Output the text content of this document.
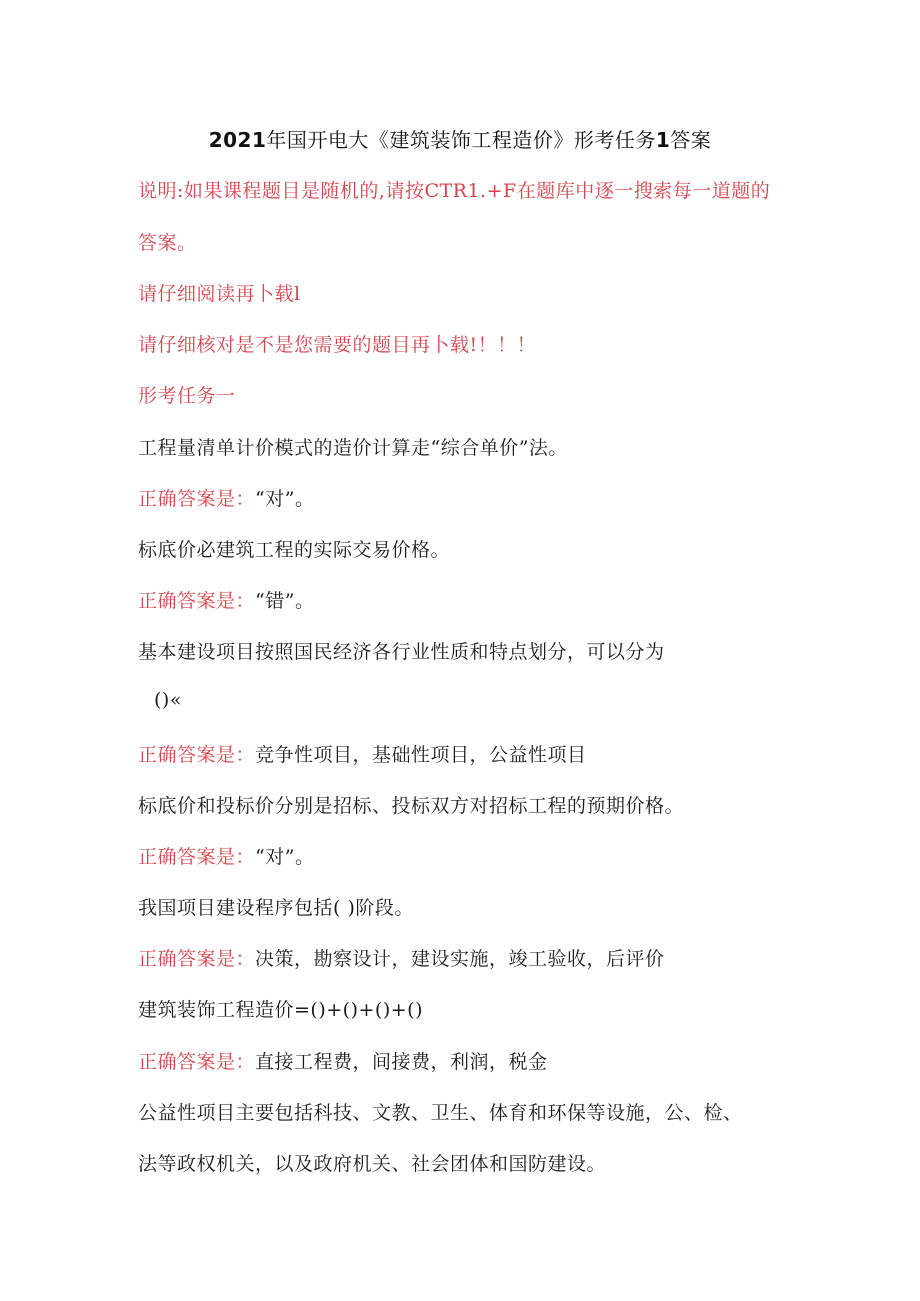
2021年国开电大《建筑装饰工程造价》形考任务1答案
说明:如果课程题目是随机的,请按CTR1.+F在题库中逐一搜索每一道题的
答案。
请仔细阅读再卜载l
请仔细核对是不是您需要的题目再卜载!！！！
形考任务一
工程量清单计价模式的造价计算走“综合单价”法。
正确答案是：“对”。
标底价必建筑工程的实际交易价格。
正确答案是：“错”。
基本建设项目按照国民经济各行业性质和特点划分，可以分为
()«
正确答案是：竞争性项目，基础性项目，公益性项目
标底价和投标价分别是招标、投标双方对招标工程的预期价格。
正确答案是：“对”。
我国项目建设程序包括( )阶段。
正确答案是：决策，勘察设计，建设实施，竣工验收，后评价
建筑装饰工程造价=()+()+()+()
正确答案是：直接工程费，间接费，利润，税金
公益性项目主要包括科技、文教、卫生、体育和环保等设施，公、检、
法等政权机关，以及政府机关、社会团体和国防建设。
